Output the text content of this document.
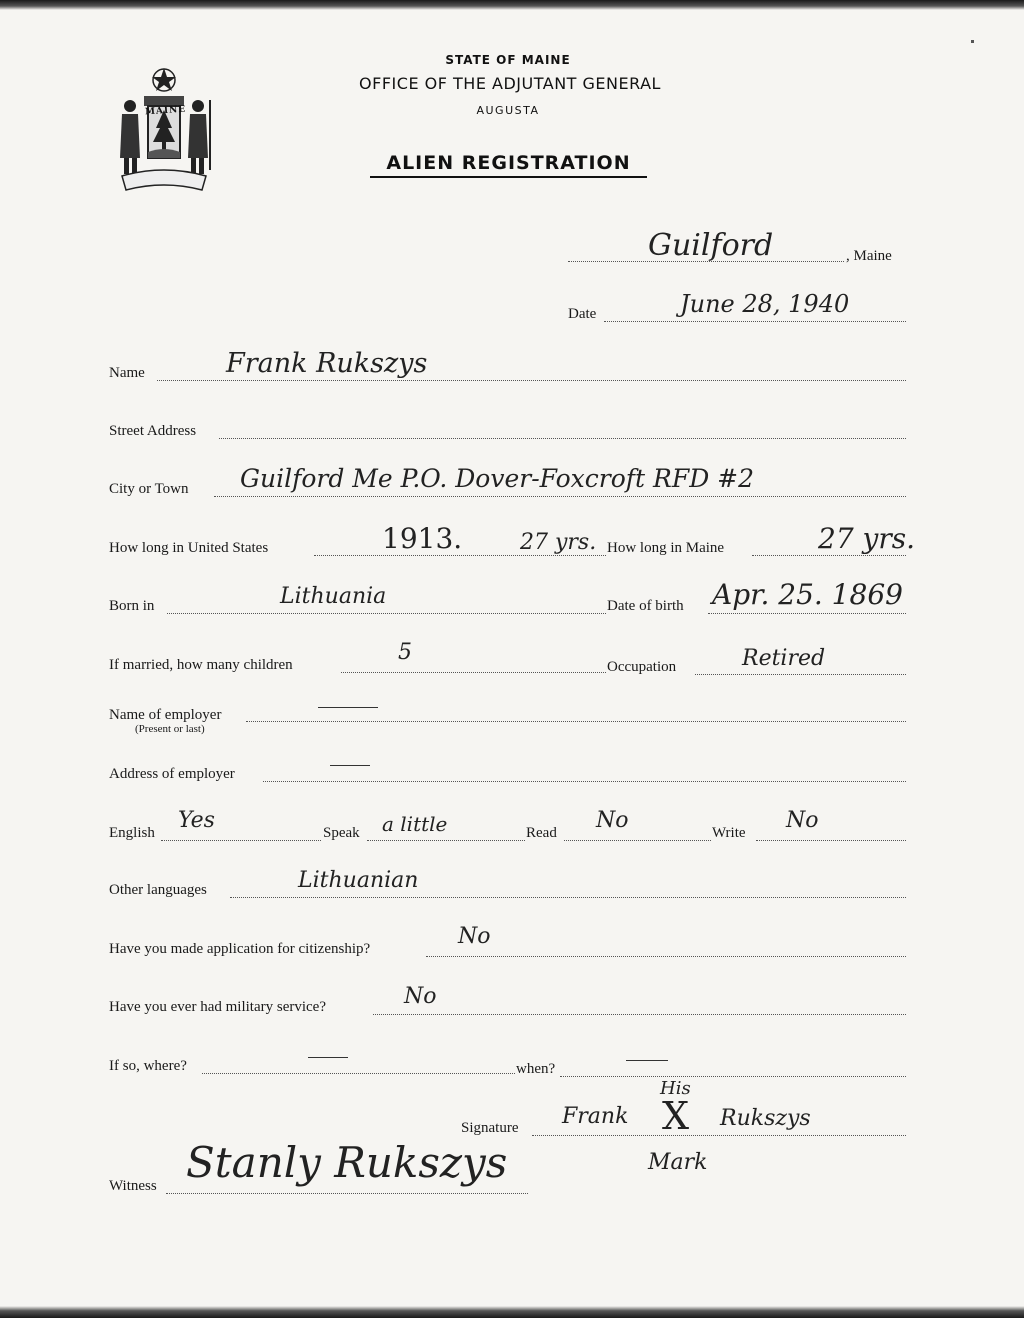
MAINE
STATE OF MAINE
OFFICE OF THE ADJUTANT GENERAL
AUGUSTA
ALIEN REGISTRATION
Guilford	, Maine
Date	June 28, 1940
Name	Frank Rukszys
Street Address
City or Town Guilford Me P.O. Dover-Foxcroft RFD #2
How long in United States	1913.	27 yrs. How long in Maine	27 yrs.
Born in	Lithuania	Date of birth Apr. 25. 1869
If married, how many children	5
Occupation	Retired
Name of employer
(Present or last)
Address of employer
English Yes	Speak a little	Read No	Write No
Other languages	Lithuanian
Have you made application for citizenship?	No
Have you ever had military service?	No
If so, where?	when?
Signature
His
Frank X Rukszys
Mark
Witness Stanly Rukszys
